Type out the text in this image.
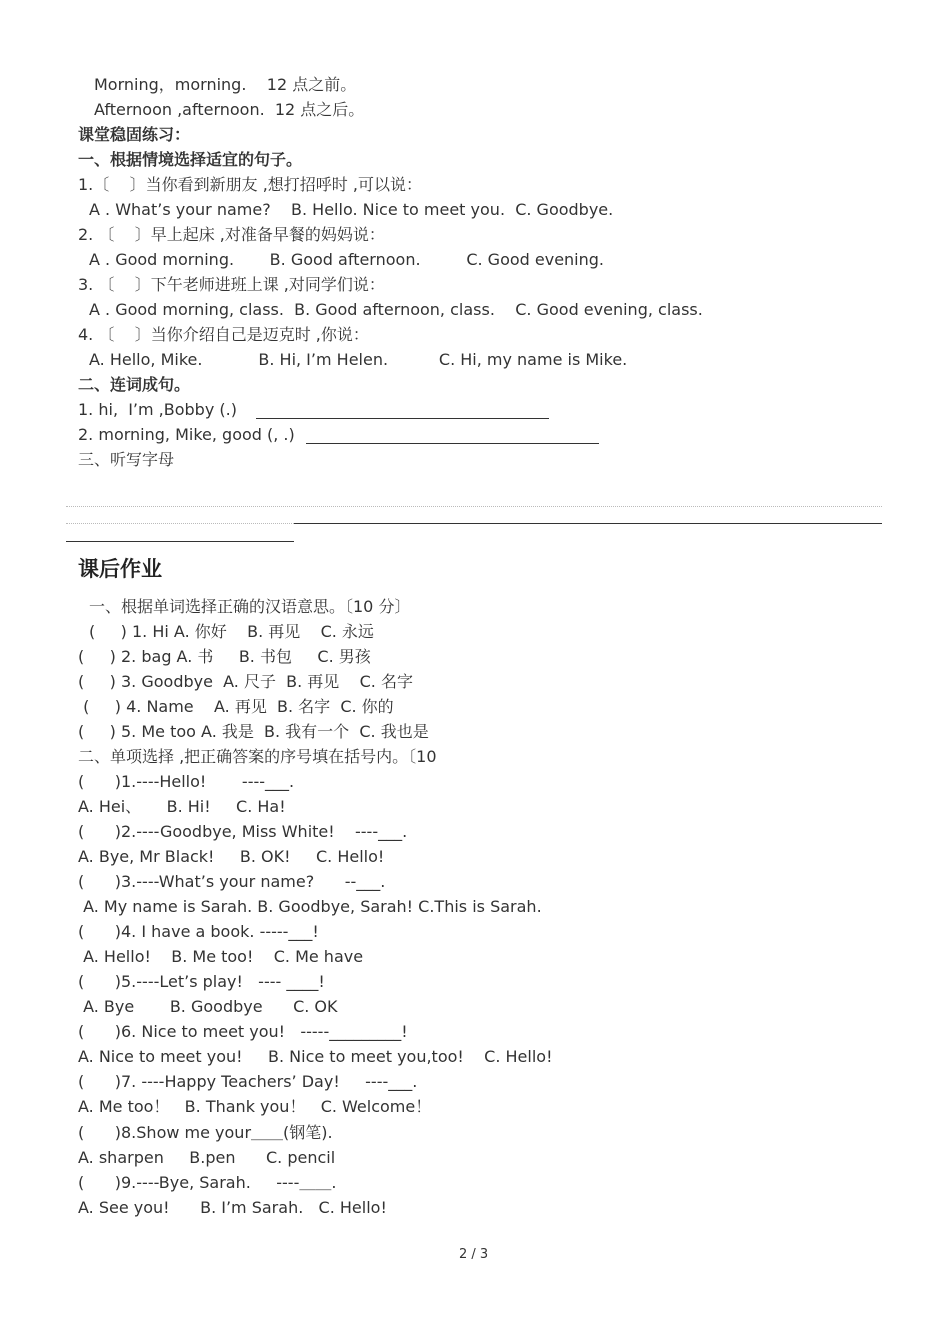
Morning，morning.    12 点之前。
Afternoon ,afternoon.  12 点之后。
课堂稳固练习：
一、根据情境选择适宜的句子。
1.〔    〕当你看到新朋友 ,想打招呼时 ,可以说：
A . What’s your name?    B. Hello. Nice to meet you.  C. Goodbye.
2. 〔    〕早上起床 ,对准备早餐的妈妈说：
A . Good morning.       B. Good afternoon.         C. Good evening.
3. 〔    〕下午老师进班上课 ,对同学们说：
A . Good morning, class.  B. Good afternoon, class.    C. Good evening, class.
4. 〔    〕当你介绍自己是迈克时 ,你说：
A. Hello, Mike.           B. Hi, I’m Helen.          C. Hi, my name is Mike.
二、连词成句。
1. hi,  I’m ,Bobby (.)
2. morning, Mike, good (, .)
三、听写字母
课后作业
一、根据单词选择正确的汉语意思。〔10 分〕
(     ) 1. Hi A. 你好    B. 再见    C. 永远
(     ) 2. bag A. 书     B. 书包     C. 男孩
(     ) 3. Goodbye  A. 尺子  B. 再见    C. 名字
(     ) 4. Name    A. 再见  B. 名字  C. 你的
(     ) 5. Me too A. 我是  B. 我有一个  C. 我也是
二、单项选择 ,把正确答案的序号填在括号内。〔10
(      )1.----Hello!       ----___.
A. Hei、     B. Hi!     C. Ha!
(      )2.----Goodbye, Miss White!    ----___.
A. Bye, Mr Black!     B. OK!     C. Hello!
(      )3.----What’s your name?      --___.
A. My name is Sarah. B. Goodbye, Sarah! C.This is Sarah.
(      )4. I have a book. -----___!
A. Hello!    B. Me too!    C. Me have
(      )5.----Let’s play!   ---- ____!
A. Bye       B. Goodbye      C. OK
(      )6. Nice to meet you!   -----_________!
A. Nice to meet you!     B. Nice to meet you,too!    C. Hello!
(      )7. ----Happy Teachers’ Day!     ----___.
A. Me too！   B. Thank you！   C. Welcome！
(      )8.Show me your＿＿(钢笔).
A. sharpen     B.pen      C. pencil
(      )9.----Bye, Sarah.     ----＿＿.
A. See you!      B. I’m Sarah.   C. Hello!
2 / 3
